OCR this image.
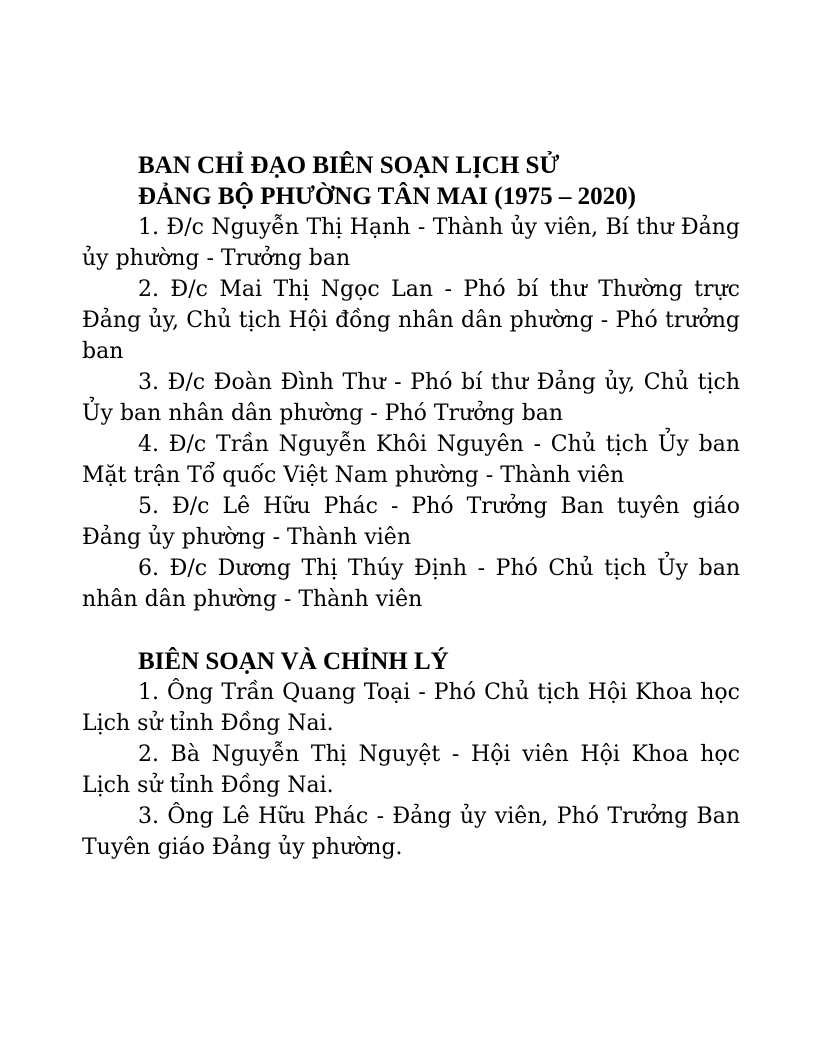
BAN CHỈ ĐẠO BIÊN SOẠN LỊCH SỬ

ĐẢNG BỘ PHƯỜNG TÂN MAI (1975 – 2020)

1. Đ/c Nguyễn Thị Hạnh - Thành ủy viên, Bí thư Đảng ủy phường - Trưởng ban

2. Đ/c Mai Thị Ngọc Lan - Phó bí thư Thường trực Đảng ủy, Chủ tịch Hội đồng nhân dân phường - Phó trưởng ban

3. Đ/c Đoàn Đình Thư - Phó bí thư Đảng ủy, Chủ tịch Ủy ban nhân dân phường - Phó Trưởng ban

4. Đ/c Trần Nguyễn Khôi Nguyên - Chủ tịch Ủy ban Mặt trận Tổ quốc Việt Nam phường - Thành viên

5. Đ/c Lê Hữu Phác - Phó Trưởng Ban tuyên giáo Đảng ủy phường - Thành viên

6. Đ/c Dương Thị Thúy Định - Phó Chủ tịch Ủy ban nhân dân phường - Thành viên

BIÊN SOẠN VÀ CHỈNH LÝ

1. Ông Trần Quang Toại - Phó Chủ tịch Hội Khoa học Lịch sử tỉnh Đồng Nai.

2. Bà Nguyễn Thị Nguyệt - Hội viên Hội Khoa học Lịch sử tỉnh Đồng Nai.

3. Ông Lê Hữu Phác - Đảng ủy viên, Phó Trưởng Ban Tuyên giáo Đảng ủy phường.
